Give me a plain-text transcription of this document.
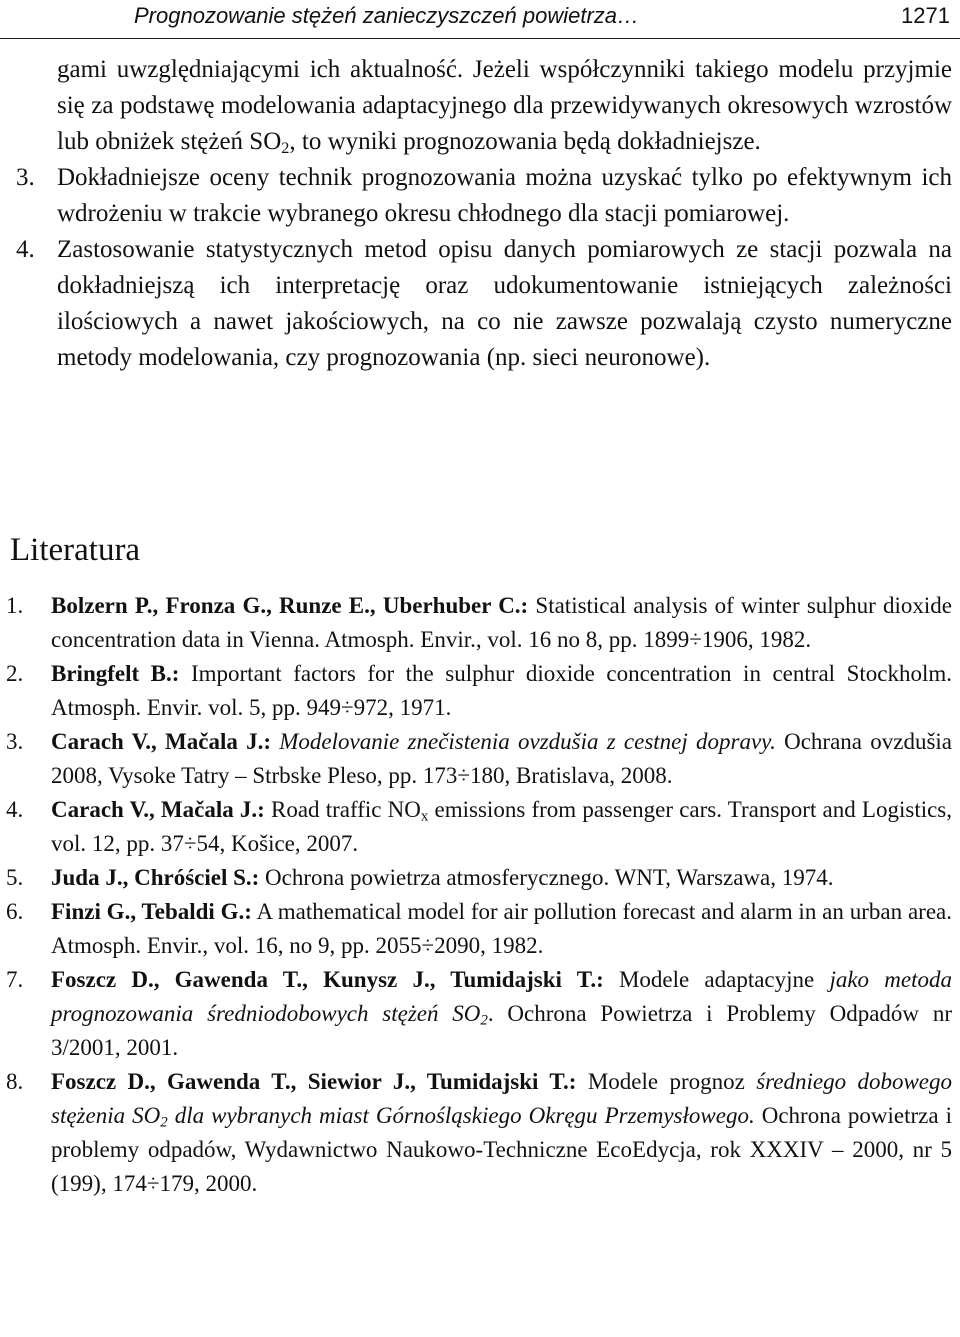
Prognozowanie stężeń zanieczyszczeń powietrza…	1271

gami uwzględniającymi ich aktualność. Jeżeli współczynniki takiego modelu przyjmie się za podstawę modelowania adaptacyjnego dla przewidywanych okresowych wzrostów lub obniżek stężeń $SO_2$, to wyniki prognozowania będą dokładniejsze.

3. Dokładniejsze oceny technik prognozowania można uzyskać tylko po efektywnym ich wdrożeniu w trakcie wybranego okresu chłodnego dla stacji pomiarowej.

4. Zastosowanie statystycznych metod opisu danych pomiarowych ze stacji pozwala na dokładniejszą ich interpretację oraz udokumentowanie istniejących zależności ilościowych a nawet jakościowych, na co nie zawsze pozwalają czysto numeryczne metody modelowania, czy prognozowania (np. sieci neuronowe).

Literatura

1. Bolzern P., Fronza G., Runze E., Uberhuber C.: Statistical analysis of winter sulphur dioxide concentration data in Vienna. Atmosph. Envir., vol. 16 no 8, pp. 1899÷1906, 1982.

2. Bringfelt B.: Important factors for the sulphur dioxide concentration in central Stockholm. Atmosph. Envir. vol. 5, pp. 949÷972, 1971.

3. Carach V., Mačala J.: Modelovanie znečistenia ovzdušia z cestnej dopravy. Ochrana ovzdušia 2008, Vysoke Tatry – Strbske Pleso, pp. 173÷180, Bratislava, 2008.

4. Carach V., Mačala J.: Road traffic $NO_x$ emissions from passenger cars. Transport and Logistics, vol. 12, pp. 37÷54, Košice, 2007.

5. Juda J., Chróściel S.: Ochrona powietrza atmosferycznego. WNT, Warszawa, 1974.

6. Finzi G., Tebaldi G.: A mathematical model for air pollution forecast and alarm in an urban area. Atmosph. Envir., vol. 16, no 9, pp. 2055÷2090, 1982.

7. Foszcz D., Gawenda T., Kunysz J., Tumidajski T.: Modele adaptacyjne jako metoda prognozowania średniodobowych stężeń $SO_2$. Ochrona Powietrza i Problemy Odpadów nr 3/2001, 2001.

8. Foszcz D., Gawenda T., Siewior J., Tumidajski T.: Modele prognoz średniego dobowego stężenia $SO_2$ dla wybranych miast Górnośląskiego Okręgu Przemysłowego. Ochrona powietrza i problemy odpadów, Wydawnictwo Naukowo-Techniczne EcoEdycja, rok XXXIV – 2000, nr 5 (199), 174÷179, 2000.
